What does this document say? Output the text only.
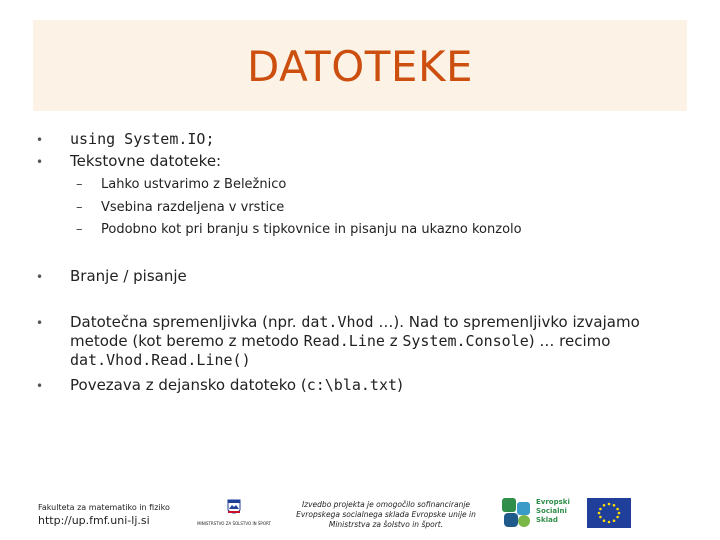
DATOTEKE
• using System.IO;
• Tekstovne datoteke:
– Lahko ustvarimo z Beležnico
– Vsebina razdeljena v vrstice
– Podobno kot pri branju s tipkovnice in pisanju na ukazno konzolo
• Branje / pisanje
• Datotečna spremenljivka (npr. dat.Vhod …). Nad to spremenljivko izvajamo
metode (kot beremo z metodo Read.Line z System.Console) … recimo
dat.Vhod.Read.Line()
• Povezava z dejansko datoteko (c:\bla.txt)
Fakulteta za matematiko in fiziko
http://up.fmf.uni-lj.si	MINISTRSTVO ZA ŠOLSTVO IN ŠPORT
Izvedbo projekta je omogočilo sofinanciranje
Evropskega socialnega sklada Evropske unije in
Ministrstva za šolstvo in šport.
Evropski
Socialni
Sklad
